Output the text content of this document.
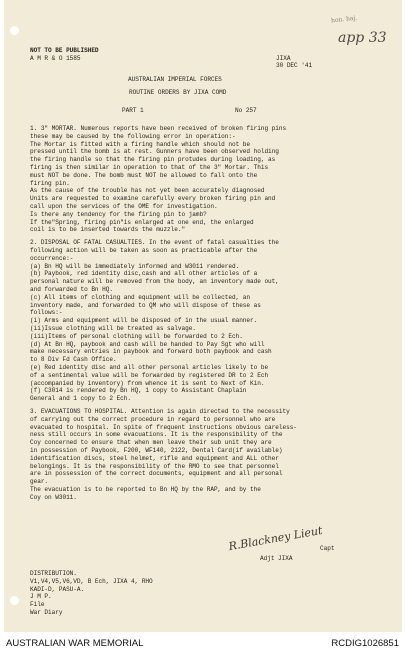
NOT TO BE PUBLISHED
A M R & O 1585	JIXA
30 DEC '41
hon. haj.
app 33
AUSTRALIAN IMPERIAL FORCES
ROUTINE ORDERS BY JIXA COMD
PART 1	No 257
1. 3" MORTAR. Numerous reports have been received of broken firing pins
these may be caused by the following error in operation:-
The Mortar is fitted with a firing handle which should not be
pressed until the bomb is at rest. Gunners have been observed holding
the firing handle so that the firing pin protudes during loading, as
firing is then similar in operation to that of the 3" Mortar. This
must NOT be done. The bomb must NOT be allowed to fall onto the
firing pin.
As the cause of the trouble has not yet been accurately diagnosed
Units are requested to examine carefully every broken firing pin and
call upon the services of the OME for investigation.
Is there any tendency for the firing pin to jamb?
If the"Spring, firing pin"is enlarged at one end, the enlarged
coil is to be inserted towards the muzzle."
2. DISPOSAL OF FATAL CASUALTIES. In the event of fatal casualties the
following action will be taken as soon as practicable after the
occurrence:-
(a) Bn HQ will be immediately informed and W3011 rendered.
(b) Paybook, red identity disc,cash and all other articles of a
personal nature will be removed from the body, an inventory made out,
and forwarded to Bn HQ.
(c) All items of clothing and equipment will be collected, an
inventory made, and forwarded to QM who will dispose of these as
follows:-
(i) Arms and equipment will be disposed of in the usual manner.
(ii)Issue clothing will be treated as salvage.
(iii)Items of personal clothing will be forwarded to 2 Ech.
(d) At Bn HQ, paybook and cash will be handed to Pay Sgt who will
make necessary entries in paybook and forward both paybook and cash
to 8 Div Fd Cash Office.
(e) Red identity disc and all other personal articles likely to be
of a sentimental value will be forwarded by registered DR to 2 Ech
(accompanied by inventory) from whence it is sent to Next of Kin.
(f) C3014 is rendered by Bn HQ, 1 copy to Assistant Chaplain
General and 1 copy to 2 Ech.
3. EVACUATIONS TO HOSPITAL. Attention is again directed to the necessity
of carrying out the correct procedure in regard to personnel who are
evacuated to hospital. In spite of frequent instructions obvious careless-
ness still occurs in some evacuations. It is the responsibility of the
Coy concerned to ensure that when men leave their sub unit they are
in possession of Paybook, F200, WF140, 2122, Dental Card(if available)
identification discs, steel helmet, rifle and equipment and ALL other
belongings. It is the responsibility of the RMO to see that personnel
are in possession of the correct documents, equipment and all personal
gear.
The evacuation is to be reported to Bn HQ by the RAP, and by the
Coy on W3011.
R.Blackney Lieut
Capt
Adjt JIXA
DISTRIBUTION.
V1,V4,V5,V6,VD, B Ech, JIXA 4, RHO
KADI-D, PASU-A.
J M P.
File
War Diary
AUSTRALIAN WAR MEMORIAL	RCDIG1026851
